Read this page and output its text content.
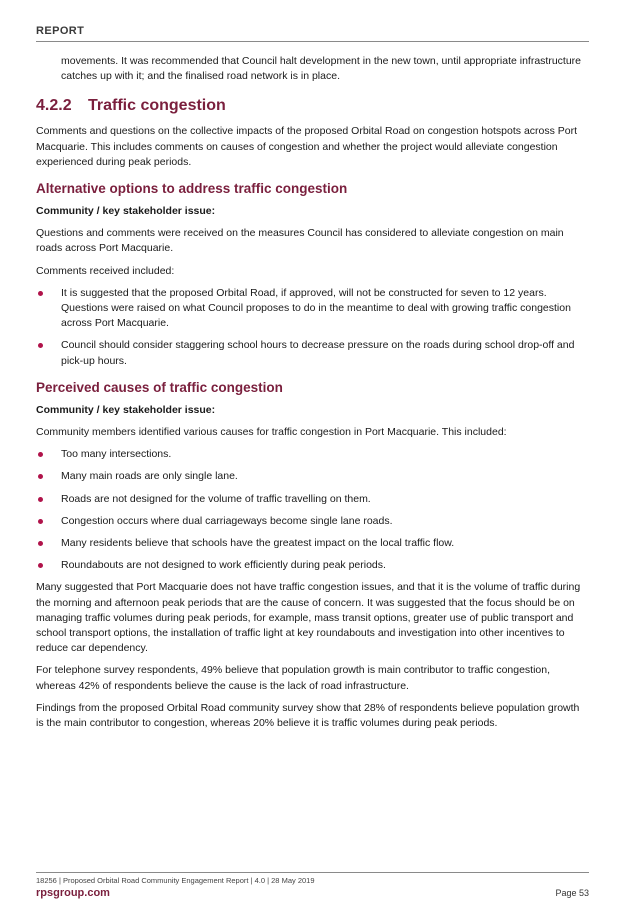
REPORT

movements. It was recommended that Council halt development in the new town, until appropriate infrastructure catches up with it; and the finalised road network is in place.

4.2.2 Traffic congestion

Comments and questions on the collective impacts of the proposed Orbital Road on congestion hotspots across Port Macquarie. This includes comments on causes of congestion and whether the project would alleviate congestion experienced during peak periods.

Alternative options to address traffic congestion

Community / key stakeholder issue:

Questions and comments were received on the measures Council has considered to alleviate congestion on main roads across Port Macquarie.

Comments received included:

It is suggested that the proposed Orbital Road, if approved, will not be constructed for seven to 12 years. Questions were raised on what Council proposes to do in the meantime to deal with growing traffic congestion across Port Macquarie.
Council should consider staggering school hours to decrease pressure on the roads during school drop-off and pick-up hours.
Perceived causes of traffic congestion

Community / key stakeholder issue:

Community members identified various causes for traffic congestion in Port Macquarie. This included:

Too many intersections.
Many main roads are only single lane.
Roads are not designed for the volume of traffic travelling on them.
Congestion occurs where dual carriageways become single lane roads.
Many residents believe that schools have the greatest impact on the local traffic flow.
Roundabouts are not designed to work efficiently during peak periods.

Many suggested that Port Macquarie does not have traffic congestion issues, and that it is the volume of traffic during the morning and afternoon peak periods that are the cause of concern. It was suggested that the focus should be on managing traffic volumes during peak periods, for example, mass transit options, greater use of public transport and school transport options, the installation of traffic light at key roundabouts and investigation into other incentives to reduce car dependency.

For telephone survey respondents, 49% believe that population growth is main contributor to traffic congestion, whereas 42% of respondents believe the cause is the lack of road infrastructure.

Findings from the proposed Orbital Road community survey show that 28% of respondents believe population growth is the main contributor to congestion, whereas 20% believe it is traffic volumes during peak periods.

18256 | Proposed Orbital Road Community Engagement Report | 4.0 | 28 May 2019
rpsgroup.com	Page 53
